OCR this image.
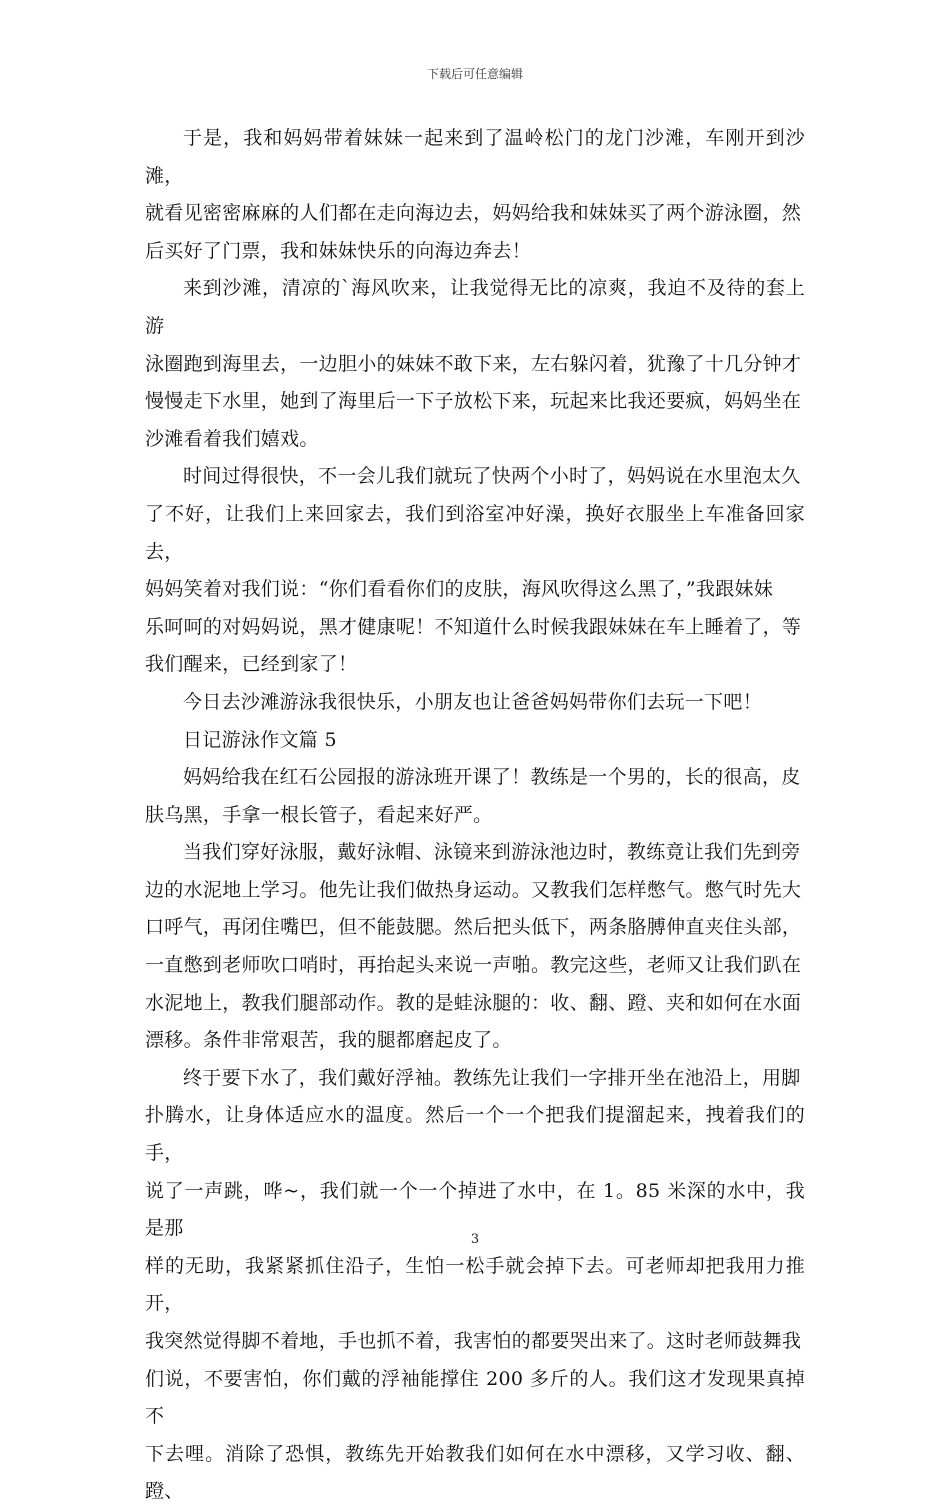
下载后可任意编辑

于是，我和妈妈带着妹妹一起来到了温岭松门的龙门沙滩，车刚开到沙滩，
就看见密密麻麻的人们都在走向海边去，妈妈给我和妹妹买了两个游泳圈，然
后买好了门票，我和妹妹快乐的向海边奔去！

来到沙滩，清凉的`海风吹来，让我觉得无比的凉爽，我迫不及待的套上游
泳圈跑到海里去，一边胆小的妹妹不敢下来，左右躲闪着，犹豫了十几分钟才
慢慢走下水里，她到了海里后一下子放松下来，玩起来比我还要疯，妈妈坐在
沙滩看着我们嬉戏。

时间过得很快，不一会儿我们就玩了快两个小时了，妈妈说在水里泡太久
了不好，让我们上来回家去，我们到浴室冲好澡，换好衣服坐上车准备回家去，
妈妈笑着对我们说：“你们看看你们的皮肤，海风吹得这么黑了，”我跟妹妹
乐呵呵的对妈妈说，黑才健康呢！不知道什么时候我跟妹妹在车上睡着了，等
我们醒来，已经到家了！

今日去沙滩游泳我很快乐，小朋友也让爸爸妈妈带你们去玩一下吧！

日记游泳作文篇 5

妈妈给我在红石公园报的游泳班开课了！教练是一个男的，长的很高，皮
肤乌黑，手拿一根长管子，看起来好严。

当我们穿好泳服，戴好泳帽、泳镜来到游泳池边时，教练竟让我们先到旁
边的水泥地上学习。他先让我们做热身运动。又教我们怎样憋气。憋气时先大
口呼气，再闭住嘴巴，但不能鼓腮。然后把头低下，两条胳膊伸直夹住头部，
一直憋到老师吹口哨时，再抬起头来说一声啪。教完这些，老师又让我们趴在
水泥地上，教我们腿部动作。教的是蛙泳腿的：收、翻、蹬、夹和如何在水面
漂移。条件非常艰苦，我的腿都磨起皮了。

终于要下水了，我们戴好浮袖。教练先让我们一字排开坐在池沿上，用脚
扑腾水，让身体适应水的温度。然后一个一个把我们提溜起来，拽着我们的手，
说了一声跳，哗~，我们就一个一个掉进了水中，在 1。85 米深的水中，我是那
样的无助，我紧紧抓住沿子，生怕一松手就会掉下去。可老师却把我用力推开，
我突然觉得脚不着地，手也抓不着，我害怕的都要哭出来了。这时老师鼓舞我
们说，不要害怕，你们戴的浮袖能撑住 200 多斤的人。我们这才发现果真掉不
下去哩。消除了恐惧，教练先开始教我们如何在水中漂移，又学习收、翻、蹬、

3
